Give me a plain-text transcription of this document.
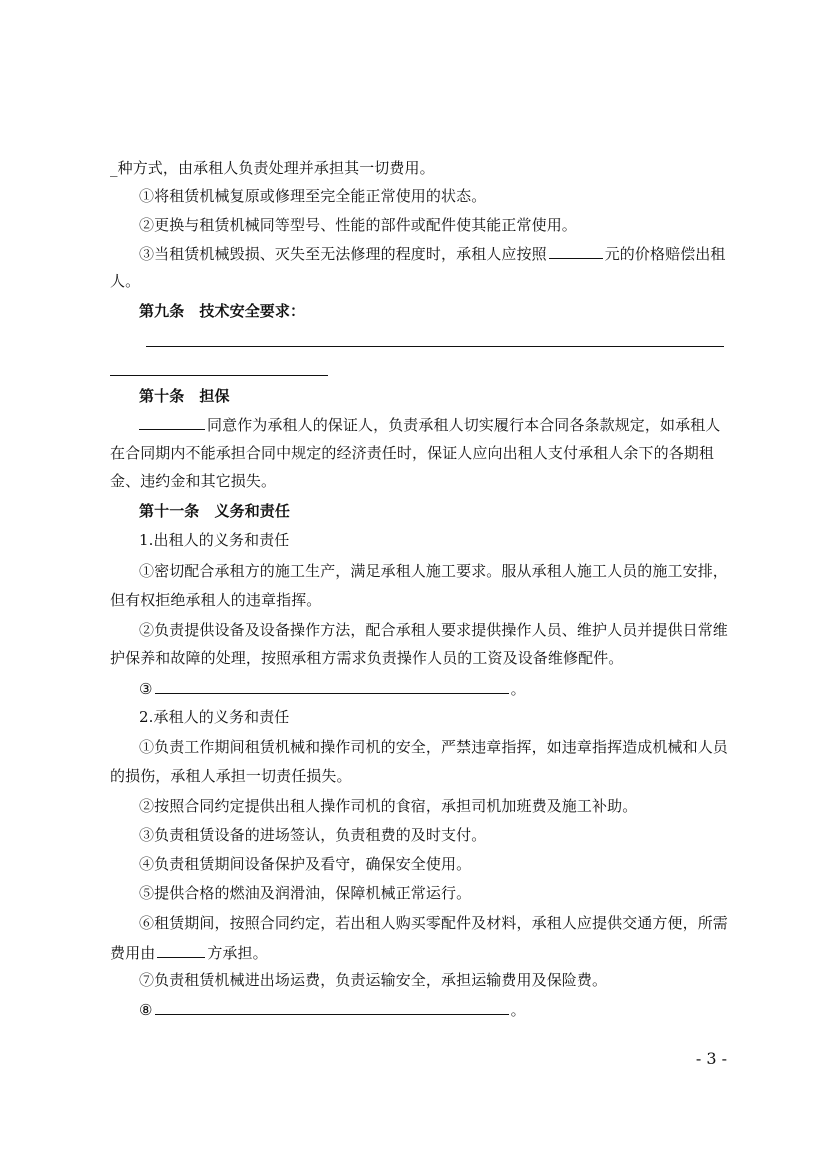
_种方式，由承租人负责处理并承担其一切费用。
①将租赁机械复原或修理至完全能正常使用的状态。
②更换与租赁机械同等型号、性能的部件或配件使其能正常使用。
③当租赁机械毁损、灭失至无法修理的程度时，承租人应按照	元的价格赔偿出租
人。
第九条　技术安全要求：
第十条　担保
同意作为承租人的保证人，负责承租人切实履行本合同各条款规定，如承租人
在合同期内不能承担合同中规定的经济责任时，保证人应向出租人支付承租人余下的各期租
金、违约金和其它损失。
第十一条　义务和责任
1.出租人的义务和责任
①密切配合承租方的施工生产，满足承租人施工要求。服从承租人施工人员的施工安排，
但有权拒绝承租人的违章指挥。
②负责提供设备及设备操作方法，配合承租人要求提供操作人员、维护人员并提供日常维
护保养和故障的处理，按照承租方需求负责操作人员的工资及设备维修配件。
③	。
2.承租人的义务和责任
①负责工作期间租赁机械和操作司机的安全，严禁违章指挥，如违章指挥造成机械和人员
的损伤，承租人承担一切责任损失。
②按照合同约定提供出租人操作司机的食宿，承担司机加班费及施工补助。
③负责租赁设备的进场签认，负责租费的及时支付。
④负责租赁期间设备保护及看守，确保安全使用。
⑤提供合格的燃油及润滑油，保障机械正常运行。
⑥租赁期间，按照合同约定，若出租人购买零配件及材料，承租人应提供交通方便，所需
费用由	方承担。
⑦负责租赁机械进出场运费，负责运输安全，承担运输费用及保险费。
⑧	。
- 3 -
